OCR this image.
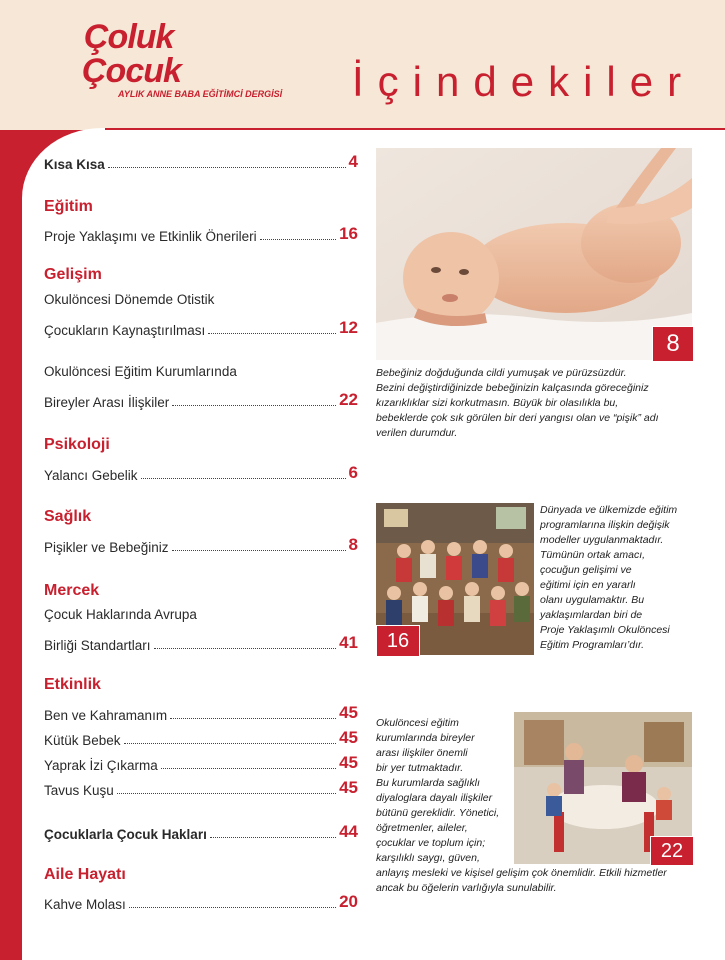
Çoluk
Çocuk
AYLIK ANNE BABA EĞİTİMCİ DERGİSİ İçindekiler
Kısa Kısa	4
Eğitim
Proje Yaklaşımı ve Etkinlik Önerileri	16
Gelişim
Okulöncesi Dönemde Otistik
Çocukların Kaynaştırılması	12
Okulöncesi Eğitim Kurumlarında
Bireyler Arası İlişkiler	22
Psikoloji
Yalancı Gebelik	6
Sağlık
Pişikler ve Bebeğiniz	8
Mercek
Çocuk Haklarında Avrupa
Birliği Standartları	41
Etkinlik
Ben ve Kahramanım	45
Kütük Bebek	45
Yaprak İzi Çıkarma	45
Tavus Kuşu	45
Çocuklarla Çocuk Hakları	44
Aile Hayatı
Kahve Molası	20
8
Bebeğiniz doğduğunda cildi yumuşak ve pürüzsüzdür.
Bezini değiştirdiğinizde bebeğinizin kalçasında göreceğiniz
kızarıklıklar sizi korkutmasın. Büyük bir olasılıkla bu,
bebeklerde çok sık görülen bir deri yangısı olan ve “pişik” adı
verilen durumdur.
16
Dünyada ve ülkemizde eğitim
programlarına ilişkin değişik
modeller uygulanmaktadır.
Tümünün ortak amacı,
çocuğun gelişimi ve
eğitimi için en yararlı
olanı uygulamaktır. Bu
yaklaşımlardan biri de
Proje Yaklaşımlı Okulöncesi
Eğitim Programları’dır.
22
Okulöncesi eğitim
kurumlarında bireyler
arası ilişkiler önemli
bir yer tutmaktadır.
Bu kurumlarda sağlıklı
diyaloglara dayalı ilişkiler
bütünü gereklidir. Yönetici,
öğretmenler, aileler,
çocuklar ve toplum için;
karşılıklı saygı, güven,
anlayış mesleki ve kişisel gelişim çok önemlidir. Etkili hizmetler
ancak bu öğelerin varlığıyla sunulabilir.
